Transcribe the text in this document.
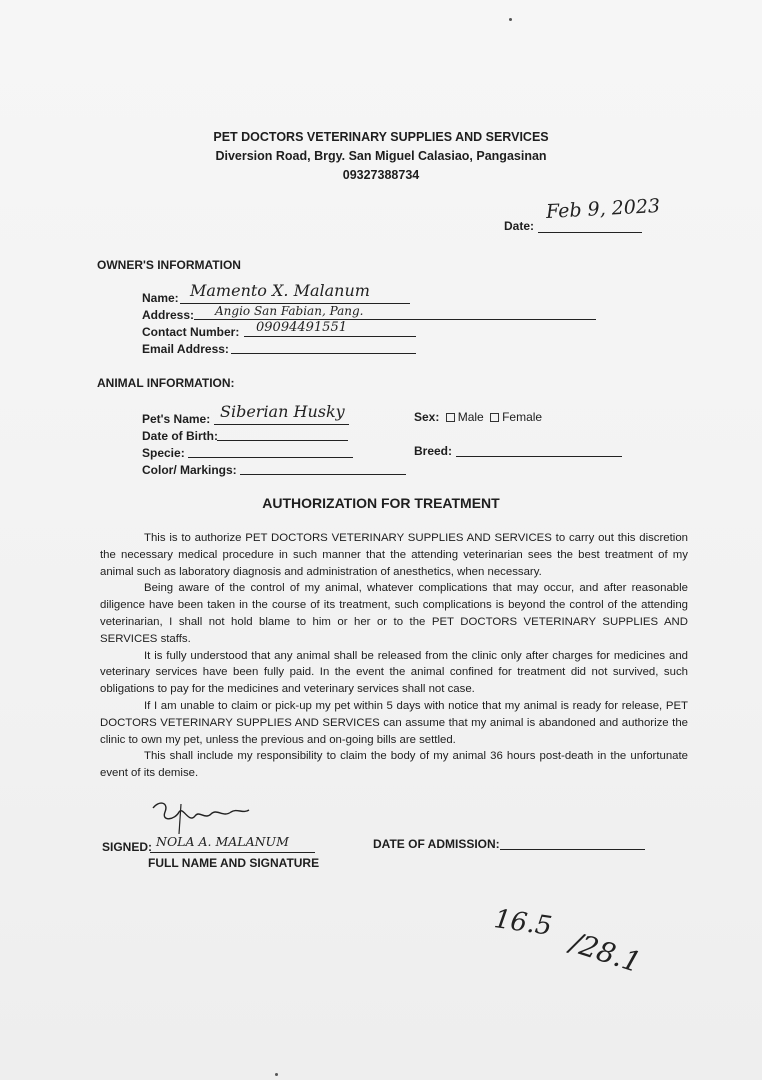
PET DOCTORS VETERINARY SUPPLIES AND SERVICES
Diversion Road, Brgy. San Miguel Calasiao, Pangasinan
09327388734
Date:
Feb 9, 2023
OWNER'S INFORMATION
Name: Mamento X. Malanum
Address: Angio San Fabian, Pang.
Contact Number: 09094491551
Email Address:
ANIMAL INFORMATION:
Pet's Name: Siberian Husky
Date of Birth:
Specie:
Color/ Markings:
Sex: Male Female
Breed:
AUTHORIZATION FOR TREATMENT

This is to authorize PET DOCTORS VETERINARY SUPPLIES AND SERVICES to carry out this discretion the necessary medical procedure in such manner that the attending veterinarian sees the best treatment of my animal such as laboratory diagnosis and administration of anesthetics, when necessary.

Being aware of the control of my animal, whatever complications that may occur, and after reasonable diligence have been taken in the course of its treatment, such complications is beyond the control of the attending veterinarian, I shall not hold blame to him or her or to the PET DOCTORS VETERINARY SUPPLIES AND SERVICES staffs.

It is fully understood that any animal shall be released from the clinic only after charges for medicines and veterinary services have been fully paid. In the event the animal confined for treatment did not survived, such obligations to pay for the medicines and veterinary services shall not case.

If I am unable to claim or pick-up my pet within 5 days with notice that my animal is ready for release, PET DOCTORS VETERINARY SUPPLIES AND SERVICES can assume that my animal is abandoned and authorize the clinic to own my pet, unless the previous and on-going bills are settled.

This shall include my responsibility to claim the body of my animal 36 hours post-death in the unfortunate event of its demise.

SIGNED: NOLA A. MALANUM
FULL NAME AND SIGNATURE
DATE OF ADMISSION:
16.5
/28.1
